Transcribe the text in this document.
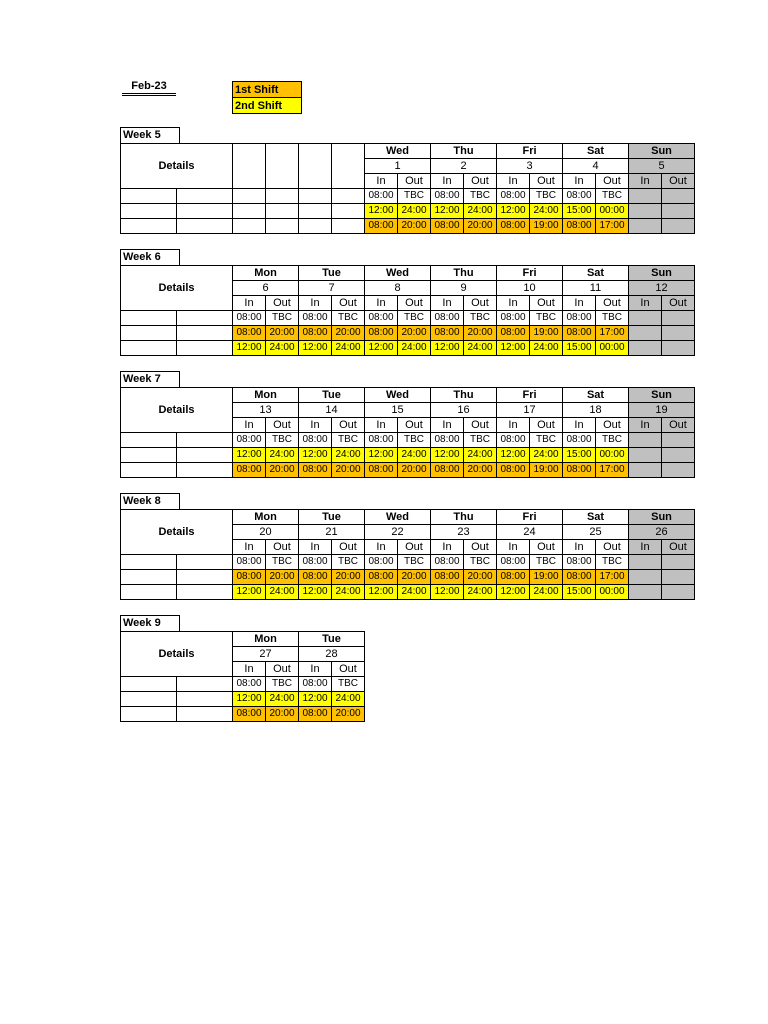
Feb-23	1st Shift
2nd Shift
Week 5
Details						Wed		Thu		Fri		Sat		Sun	
						1		2		3		4		5	
						In	Out	In	Out	In	Out	In	Out	In	Out
						08:00	TBC	08:00	TBC	08:00	TBC	08:00	TBC		
						12:00	24:00	12:00	24:00	12:00	24:00	15:00	00:00		
						08:00	20:00	08:00	20:00	08:00	19:00	08:00	17:00		
Week 6
Details		Mon		Tue		Wed		Thu		Fri		Sat		Sun	
		6		7		8		9		10		11		12	
		In	Out	In	Out	In	Out	In	Out	In	Out	In	Out	In	Out
		08:00	TBC	08:00	TBC	08:00	TBC	08:00	TBC	08:00	TBC	08:00	TBC		
		08:00	20:00	08:00	20:00	08:00	20:00	08:00	20:00	08:00	19:00	08:00	17:00		
		12:00	24:00	12:00	24:00	12:00	24:00	12:00	24:00	12:00	24:00	15:00	00:00		
Week 7
Details		Mon		Tue		Wed		Thu		Fri		Sat		Sun	
		13		14		15		16		17		18		19	
		In	Out	In	Out	In	Out	In	Out	In	Out	In	Out	In	Out
		08:00	TBC	08:00	TBC	08:00	TBC	08:00	TBC	08:00	TBC	08:00	TBC		
		12:00	24:00	12:00	24:00	12:00	24:00	12:00	24:00	12:00	24:00	15:00	00:00		
		08:00	20:00	08:00	20:00	08:00	20:00	08:00	20:00	08:00	19:00	08:00	17:00		
Week 8
Details		Mon		Tue		Wed		Thu		Fri		Sat		Sun	
		20		21		22		23		24		25		26	
		In	Out	In	Out	In	Out	In	Out	In	Out	In	Out	In	Out
		08:00	TBC	08:00	TBC	08:00	TBC	08:00	TBC	08:00	TBC	08:00	TBC		
		08:00	20:00	08:00	20:00	08:00	20:00	08:00	20:00	08:00	19:00	08:00	17:00		
		12:00	24:00	12:00	24:00	12:00	24:00	12:00	24:00	12:00	24:00	15:00	00:00		
Week 9
Details		Mon		Tue	
		27		28	
		In	Out	In	Out
		08:00	TBC	08:00	TBC
		12:00	24:00	12:00	24:00
		08:00	20:00	08:00	20:00
